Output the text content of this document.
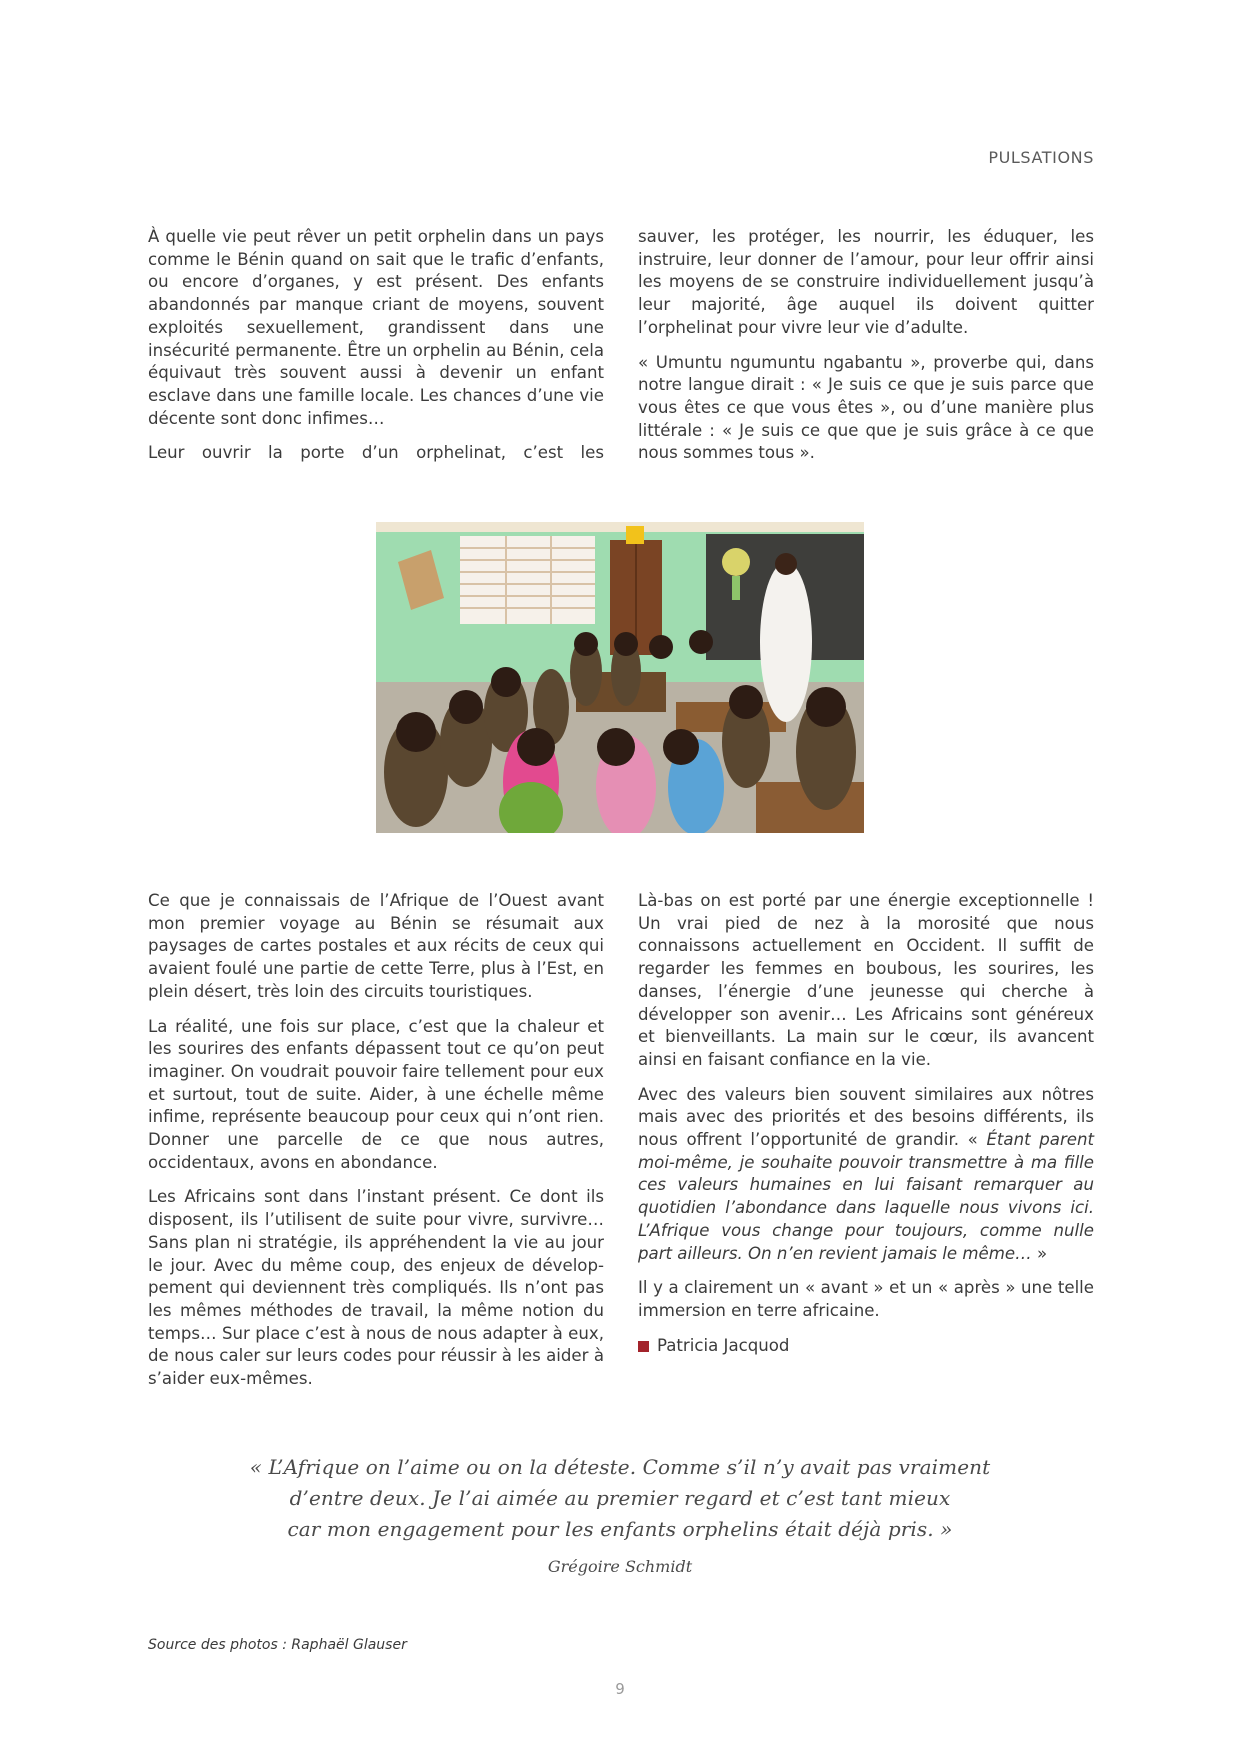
PULSATIONS

À quelle vie peut rêver un petit orphelin dans un pays comme le Bénin quand on sait que le trafic d’enfants, ou encore d’organes, y est présent. Des enfants abandonnés par manque criant de moyens, souvent exploités sexuellement, grandissent dans une insécurité permanente. Être un orphelin au Bénin, cela équivaut très souvent aussi à devenir un enfant esclave dans une famille locale. Les chances d’une vie décente sont donc infimes…

Leur ouvrir la porte d’un orphelinat, c’est les

sauver, les protéger, les nourrir, les éduquer, les instruire, leur donner de l’amour, pour leur offrir ainsi les moyens de se construire individuellement jusqu’à leur majorité, âge auquel ils doivent quitter l’orphelinat pour vivre leur vie d’adulte.

« Umuntu ngumuntu ngabantu », proverbe qui, dans notre langue dirait : « Je suis ce que je suis parce que vous êtes ce que vous êtes », ou d’une manière plus littérale : « Je suis ce que que je suis grâce à ce que nous sommes tous ».

Ce que je connaissais de l’Afrique de l’Ouest avant mon premier voyage au Bénin se résumait aux paysages de cartes postales et aux récits de ceux qui avaient foulé une partie de cette Terre, plus à l’Est, en plein désert, très loin des circuits touristiques.

La réalité, une fois sur place, c’est que la chaleur et les sourires des enfants dépassent tout ce qu’on peut imaginer. On voudrait pouvoir faire tellement pour eux et surtout, tout de suite. Aider, à une échelle même infime, représente beaucoup pour ceux qui n’ont rien. Donner une parcelle de ce que nous autres, occidentaux, avons en abondance.

Les Africains sont dans l’instant présent. Ce dont ils disposent, ils l’utilisent de suite pour vivre, survivre… Sans plan ni stratégie, ils appréhendent la vie au jour le jour. Avec du même coup, des enjeux de développement qui deviennent très compliqués. Ils n’ont pas les mêmes méthodes de travail, la même notion du temps… Sur place c’est à nous de nous adapter à eux, de nous caler sur leurs codes pour réussir à les aider à s’aider eux-mêmes.

Là-bas on est porté par une énergie exceptionnelle ! Un vrai pied de nez à la morosité que nous connaissons actuellement en Occident. Il suffit de regarder les femmes en boubous, les sourires, les danses, l’énergie d’une jeunesse qui cherche à développer son avenir… Les Africains sont généreux et bienveillants. La main sur le cœur, ils avancent ainsi en faisant confiance en la vie.

Avec des valeurs bien souvent similaires aux nôtres mais avec des priorités et des besoins différents, ils nous offrent l’opportunité de grandir. « Étant parent moi-même, je souhaite pouvoir transmettre à ma fille ces valeurs humaines en lui faisant remarquer au quotidien l’abondance dans laquelle nous vivons ici. L’Afrique vous change pour toujours, comme nulle part ailleurs. On n’en revient jamais le même… »

Il y a clairement un « avant » et un « après » une telle immersion en terre africaine.

Patricia Jacquod
« L’Afrique on l’aime ou on la déteste. Comme s’il n’y avait pas vraiment
d’entre deux. Je l’ai aimée au premier regard et c’est tant mieux
car mon engagement pour les enfants orphelins était déjà pris. »
Grégoire Schmidt
Source des photos : Raphaël Glauser
9
